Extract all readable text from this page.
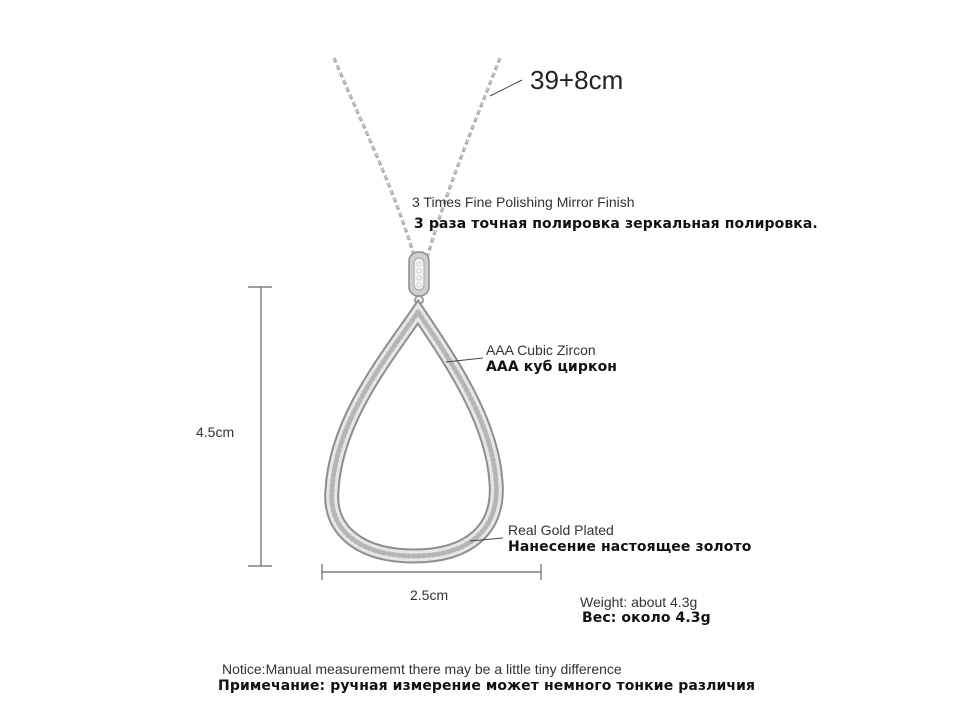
39+8cm
3 Times Fine Polishing Mirror Finish
3 раза точная полировка зеркальная полировка.
AAA Cubic Zircon
AAA куб циркон
4.5cm
Real Gold Plated
Нанесение настоящее золото
2.5cm	Weight: about 4.3g
Вес: около 4.3g
Notice:Manual measurememt there may be a little tiny difference
Примечание: ручная измерение может немного тонкие различия
